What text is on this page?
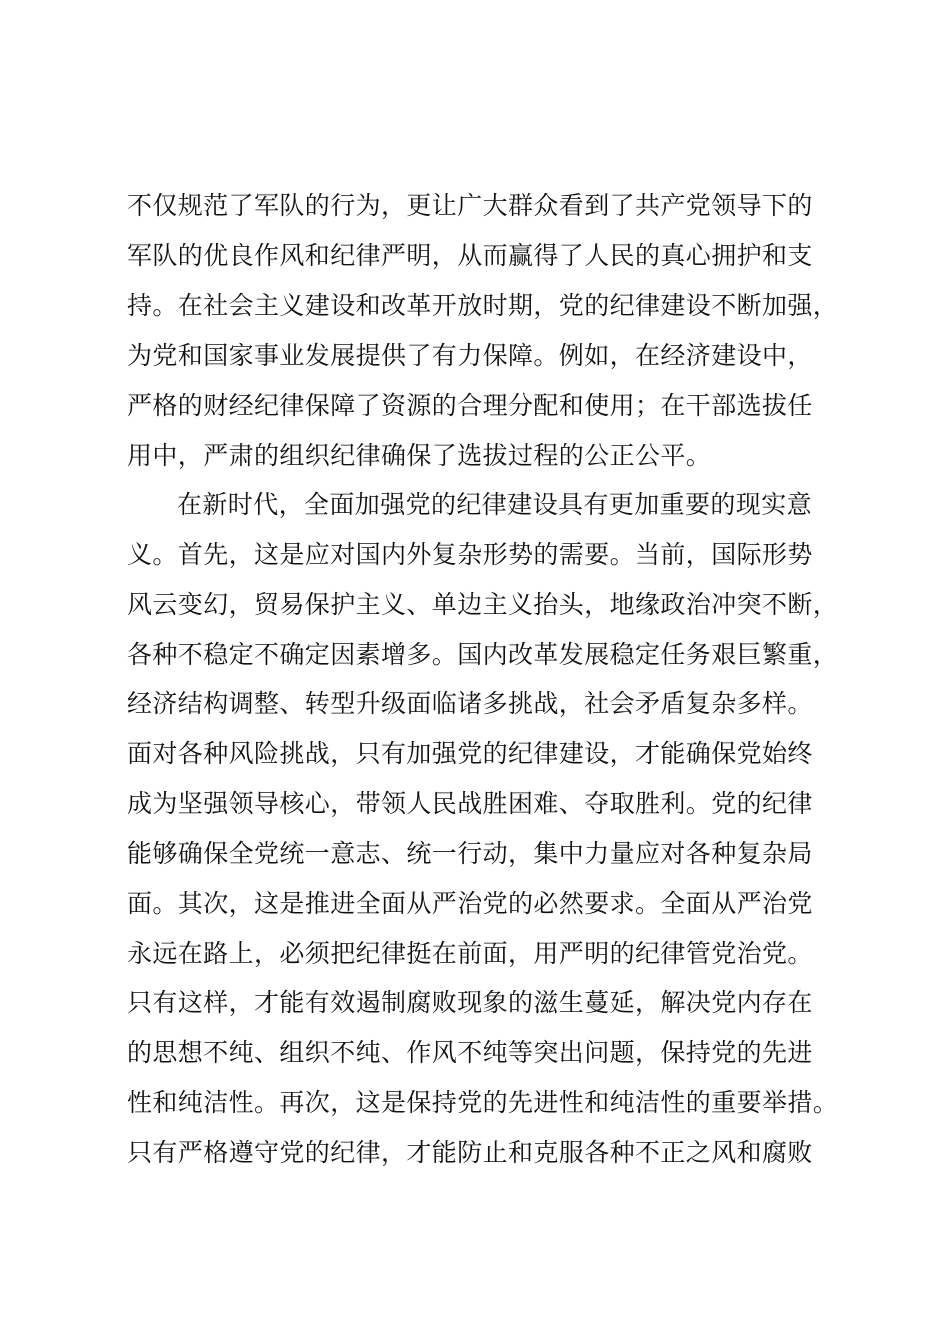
不仅规范了军队的行为，更让广大群众看到了共产党领导下的
军队的优良作风和纪律严明，从而赢得了人民的真心拥护和支
持。在社会主义建设和改革开放时期，党的纪律建设不断加强，
为党和国家事业发展提供了有力保障。例如，在经济建设中，
严格的财经纪律保障了资源的合理分配和使用；在干部选拔任
用中，严肃的组织纪律确保了选拔过程的公正公平。
在新时代，全面加强党的纪律建设具有更加重要的现实意
义。首先，这是应对国内外复杂形势的需要。当前，国际形势
风云变幻，贸易保护主义、单边主义抬头，地缘政治冲突不断，
各种不稳定不确定因素增多。国内改革发展稳定任务艰巨繁重，
经济结构调整、转型升级面临诸多挑战，社会矛盾复杂多样。
面对各种风险挑战，只有加强党的纪律建设，才能确保党始终
成为坚强领导核心，带领人民战胜困难、夺取胜利。党的纪律
能够确保全党统一意志、统一行动，集中力量应对各种复杂局
面。其次，这是推进全面从严治党的必然要求。全面从严治党
永远在路上，必须把纪律挺在前面，用严明的纪律管党治党。
只有这样，才能有效遏制腐败现象的滋生蔓延，解决党内存在
的思想不纯、组织不纯、作风不纯等突出问题，保持党的先进
性和纯洁性。再次，这是保持党的先进性和纯洁性的重要举措。
只有严格遵守党的纪律，才能防止和克服各种不正之风和腐败
